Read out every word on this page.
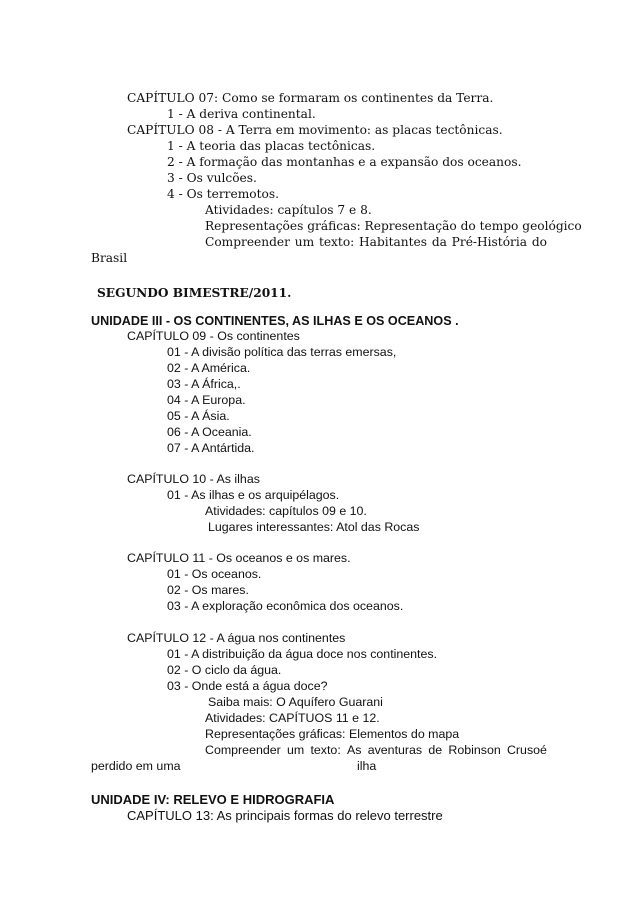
CAPÍTULO 07: Como se formaram os continentes da Terra.
1 - A deriva continental.
CAPÍTULO 08 - A Terra em movimento: as placas tectônicas.
1 - A teoria das placas tectônicas.
2 - A formação das montanhas e a expansão dos oceanos.
3 - Os vulcões.
4 - Os terremotos.
Atividades: capítulos 7 e 8.
Representações gráficas: Representação do tempo geológico
Compreender um texto: Habitantes da Pré-História do
Brasil
SEGUNDO BIMESTRE/2011.
UNIDADE III - OS CONTINENTES, AS ILHAS E OS OCEANOS .
CAPÍTULO 09 - Os continentes
01 - A divisão política das terras emersas,
02 - A América.
03 - A África,.
04 - A Europa.
05 - A Ásia.
06 - A Oceania.
07 - A Antártida.
CAPÍTULO 10 - As ilhas
01 - As ilhas e os arquipélagos.
Atividades: capítulos 09 e 10.
Lugares interessantes: Atol das Rocas
CAPÍTULO 11 - Os oceanos e os mares.
01 - Os oceanos.
02 - Os mares.
03 - A exploração econômica dos oceanos.
CAPÍTULO 12 - A água nos continentes
01 - A distribuição da água doce nos continentes.
02 - O ciclo da água.
03 - Onde está a água doce?
Saiba mais: O Aquífero Guarani
Atividades: CAPÍTUOS 11 e 12.
Representações gráficas: Elementos do mapa
Compreender um texto: As aventuras de Robinson Crusoé
perdido em uma	ilha
UNIDADE IV: RELEVO E HIDROGRAFIA
CAPÍTULO 13: As principais formas do relevo terrestre
